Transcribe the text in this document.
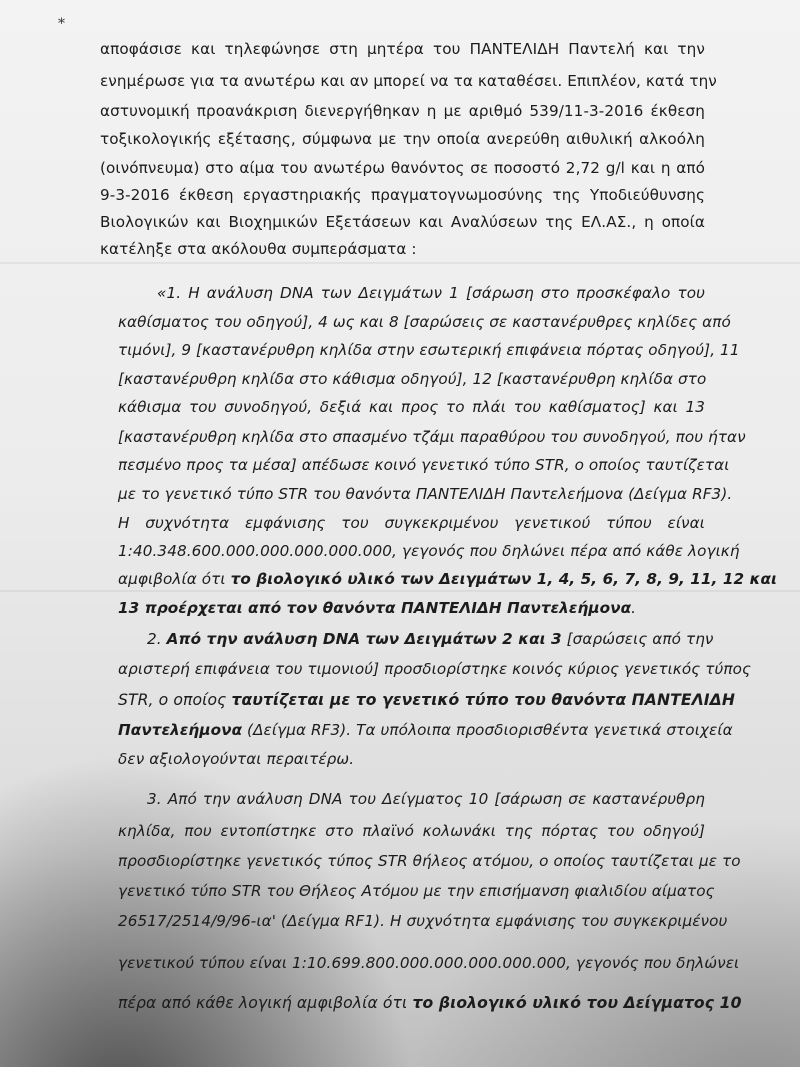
*
αποφάσισε και τηλεφώνησε στη μητέρα του ΠΑΝΤΕΛΙΔΗ Παντελή και την
ενημέρωσε για τα ανωτέρω και αν μπορεί να τα καταθέσει. Επιπλέον, κατά την
αστυνομική προανάκριση διενεργήθηκαν η με αριθμό 539/11-3-2016 έκθεση
τοξικολογικής εξέτασης, σύμφωνα με την οποία ανερεύθη αιθυλική αλκοόλη
(οινόπνευμα) στο αίμα του ανωτέρω θανόντος σε ποσοστό 2,72 g/l και η από
9-3-2016 έκθεση εργαστηριακής πραγματογνωμοσύνης της Υποδιεύθυνσης
Βιολογικών και Βιοχημικών Εξετάσεων και Αναλύσεων της ΕΛ.ΑΣ., η οποία
κατέληξε στα ακόλουθα συμπεράσματα :
«1. Η ανάλυση DNA των Δειγμάτων 1 [σάρωση στο προσκέφαλο του
καθίσματος του οδηγού], 4 ως και 8 [σαρώσεις σε καστανέρυθρες κηλίδες από
τιμόνι], 9 [καστανέρυθρη κηλίδα στην εσωτερική επιφάνεια πόρτας οδηγού], 11
[καστανέρυθρη κηλίδα στο κάθισμα οδηγού], 12 [καστανέρυθρη κηλίδα στο
κάθισμα του συνοδηγού, δεξιά και προς το πλάι του καθίσματος] και 13
[καστανέρυθρη κηλίδα στο σπασμένο τζάμι παραθύρου του συνοδηγού, που ήταν
πεσμένο προς τα μέσα] απέδωσε κοινό γενετικό τύπο STR, ο οποίος ταυτίζεται
με το γενετικό τύπο STR του θανόντα ΠΑΝΤΕΛΙΔΗ Παντελεήμονα (Δείγμα RF3).
Η συχνότητα εμφάνισης του συγκεκριμένου γενετικού τύπου είναι
1:40.348.600.000.000.000.000.000, γεγονός που δηλώνει πέρα από κάθε λογική
αμφιβολία ότι το βιολογικό υλικό των Δειγμάτων 1, 4, 5, 6, 7, 8, 9, 11, 12 και
13 προέρχεται από τον θανόντα ΠΑΝΤΕΛΙΔΗ Παντελεήμονα.
2. Από την ανάλυση DNA των Δειγμάτων 2 και 3 [σαρώσεις από την
αριστερή επιφάνεια του τιμονιού] προσδιορίστηκε κοινός κύριος γενετικός τύπος
STR, ο οποίος ταυτίζεται με το γενετικό τύπο του θανόντα ΠΑΝΤΕΛΙΔΗ
Παντελεήμονα (Δείγμα RF3). Τα υπόλοιπα προσδιορισθέντα γενετικά στοιχεία
δεν αξιολογούνται περαιτέρω.
3. Από την ανάλυση DNA του Δείγματος 10 [σάρωση σε καστανέρυθρη
κηλίδα, που εντοπίστηκε στο πλαϊνό κολωνάκι της πόρτας του οδηγού]
προσδιορίστηκε γενετικός τύπος STR θήλεος ατόμου, ο οποίος ταυτίζεται με το
γενετικό τύπο STR του Θήλεος Ατόμου με την επισήμανση φιαλιδίου αίματος
26517/2514/9/96-ια' (Δείγμα RF1). Η συχνότητα εμφάνισης του συγκεκριμένου
γενετικού τύπου είναι 1:10.699.800.000.000.000.000.000, γεγονός που δηλώνει
πέρα από κάθε λογική αμφιβολία ότι το βιολογικό υλικό του Δείγματος 10
